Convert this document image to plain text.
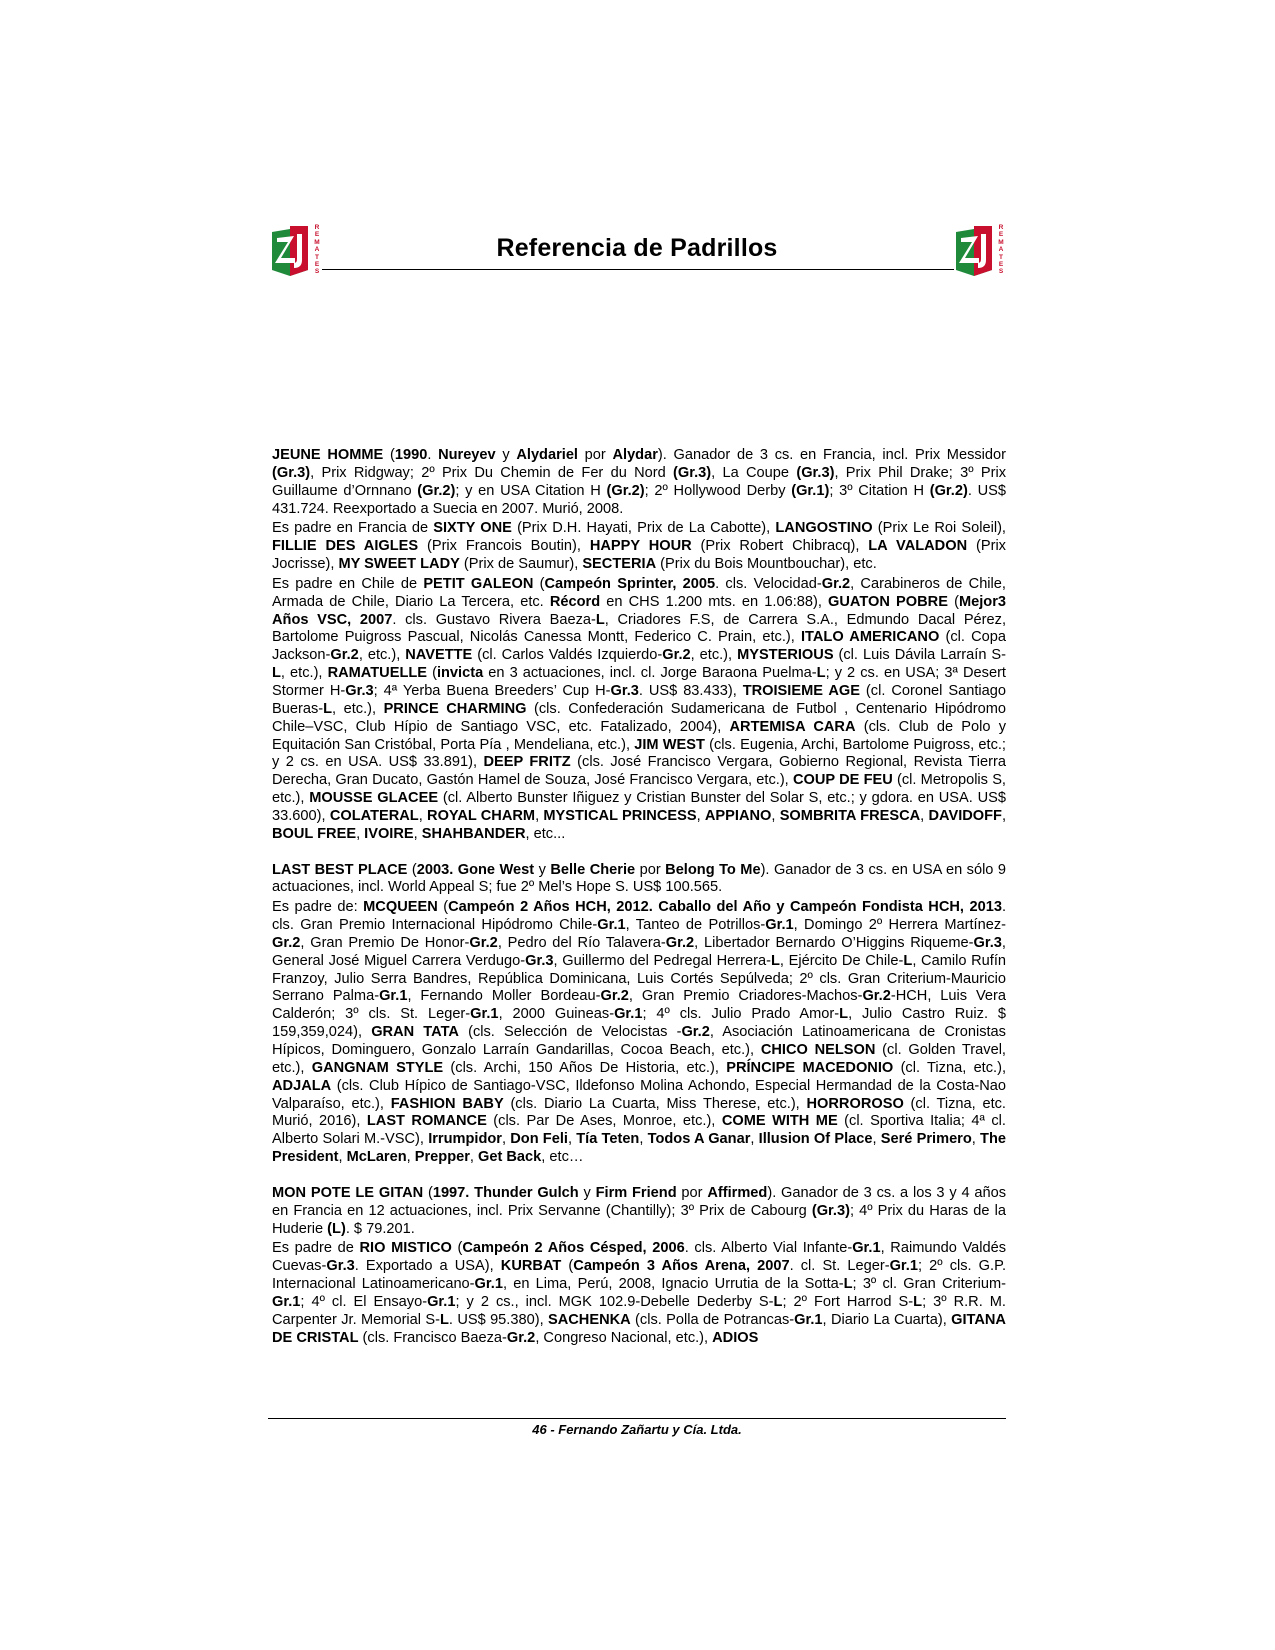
R
E
M
A
T
E
S
Referencia de Padrillos
R
E
M
A
T
E
S

JEUNE HOMME (1990. Nureyev y Alydariel por Alydar). Ganador de 3 cs. en Francia, incl. Prix Messidor (Gr.3), Prix Ridgway; 2º Prix Du Chemin de Fer du Nord (Gr.3), La Coupe (Gr.3), Prix Phil Drake; 3º Prix Guillaume d’Ornnano (Gr.2); y en USA Citation H (Gr.2); 2º Hollywood Derby (Gr.1); 3º Citation H (Gr.2). US$ 431.724. Reexportado a Suecia en 2007. Murió, 2008.

Es padre en Francia de SIXTY ONE (Prix D.H. Hayati, Prix de La Cabotte), LANGOSTINO (Prix Le Roi Soleil), FILLIE DES AIGLES (Prix Francois Boutin), HAPPY HOUR (Prix Robert Chibracq), LA VALADON (Prix Jocrisse), MY SWEET LADY (Prix de Saumur), SECTERIA (Prix du Bois Mountbouchar), etc.

Es padre en Chile de PETIT GALEON (Campeón Sprinter, 2005. cls. Velocidad-Gr.2, Carabineros de Chile, Armada de Chile, Diario La Tercera, etc. Récord en CHS 1.200 mts. en 1.06:88), GUATON POBRE (Mejor3 Años VSC, 2007. cls. Gustavo Rivera Baeza-L, Criadores F.S, de Carrera S.A., Edmundo Dacal Pérez, Bartolome Puigross Pascual, Nicolás Canessa Montt, Federico C. Prain, etc.), ITALO AMERICANO (cl. Copa Jackson-Gr.2, etc.), NAVETTE (cl. Carlos Valdés Izquierdo-Gr.2, etc.), MYSTERIOUS (cl. Luis Dávila Larraín S-L, etc.), RAMATUELLE (invicta en 3 actuaciones, incl. cl. Jorge Baraona Puelma-L; y 2 cs. en USA; 3ª Desert Stormer H-Gr.3; 4ª Yerba Buena Breeders’ Cup H-Gr.3. US$ 83.433), TROISIEME AGE (cl. Coronel Santiago Bueras-L, etc.), PRINCE CHARMING (cls. Confederación Sudamericana de Futbol , Centenario Hipódromo Chile–VSC, Club Hípio de Santiago VSC, etc. Fatalizado, 2004), ARTEMISA CARA (cls. Club de Polo y Equitación San Cristóbal, Porta Pía , Mendeliana, etc.), JIM WEST (cls. Eugenia, Archi, Bartolome Puigross, etc.; y 2 cs. en USA. US$ 33.891), DEEP FRITZ (cls. José Francisco Vergara, Gobierno Regional, Revista Tierra Derecha, Gran Ducato, Gastón Hamel de Souza, José Francisco Vergara, etc.), COUP DE FEU (cl. Metropolis S, etc.), MOUSSE GLACEE (cl. Alberto Bunster Iñiguez y Cristian Bunster del Solar S, etc.; y gdora. en USA. US$ 33.600), COLATERAL, ROYAL CHARM, MYSTICAL PRINCESS, APPIANO, SOMBRITA FRESCA, DAVIDOFF, BOUL FREE, IVOIRE, SHAHBANDER, etc...

LAST BEST PLACE (2003. Gone West y Belle Cherie por Belong To Me). Ganador de 3 cs. en USA en sólo 9 actuaciones, incl. World Appeal S; fue 2º Mel’s Hope S. US$ 100.565.

Es padre de: MCQUEEN (Campeón 2 Años HCH, 2012. Caballo del Año y Campeón Fondista HCH, 2013. cls. Gran Premio Internacional Hipódromo Chile-Gr.1, Tanteo de Potrillos-Gr.1, Domingo 2º Herrera Martínez-Gr.2, Gran Premio De Honor-Gr.2, Pedro del Río Talavera-Gr.2, Libertador Bernardo O’Higgins Riqueme-Gr.3, General José Miguel Carrera Verdugo-Gr.3, Guillermo del Pedregal Herrera-L, Ejército De Chile-L, Camilo Rufín Franzoy, Julio Serra Bandres, República Dominicana, Luis Cortés Sepúlveda; 2º cls. Gran Criterium-Mauricio Serrano Palma-Gr.1, Fernando Moller Bordeau-Gr.2, Gran Premio Criadores-Machos-Gr.2-HCH, Luis Vera Calderón; 3º cls. St. Leger-Gr.1, 2000 Guineas-Gr.1; 4º cls. Julio Prado Amor-L, Julio Castro Ruiz. $ 159,359,024), GRAN TATA (cls. Selección de Velocistas -Gr.2, Asociación Latinoamericana de Cronistas Hípicos, Dominguero, Gonzalo Larraín Gandarillas, Cocoa Beach, etc.), CHICO NELSON (cl. Golden Travel, etc.), GANGNAM STYLE (cls. Archi, 150 Años De Historia, etc.), PRÍNCIPE MACEDONIO (cl. Tizna, etc.), ADJALA (cls. Club Hípico de Santiago-VSC, Ildefonso Molina Achondo, Especial Hermandad de la Costa-Nao Valparaíso, etc.), FASHION BABY (cls. Diario La Cuarta, Miss Therese, etc.), HORROROSO (cl. Tizna, etc. Murió, 2016), LAST ROMANCE (cls. Par De Ases, Monroe, etc.), COME WITH ME (cl. Sportiva Italia; 4ª cl. Alberto Solari M.-VSC), Irrumpidor, Don Feli, Tía Teten, Todos A Ganar, Illusion Of Place, Seré Primero, The President, McLaren, Prepper, Get Back, etc…

MON POTE LE GITAN (1997. Thunder Gulch y Firm Friend por Affirmed). Ganador de 3 cs. a los 3 y 4 años en Francia en 12 actuaciones, incl. Prix Servanne (Chantilly); 3º Prix de Cabourg (Gr.3); 4º Prix du Haras de la Huderie (L). $ 79.201.

Es padre de RIO MISTICO (Campeón 2 Años Césped, 2006. cls. Alberto Vial Infante-Gr.1, Raimundo Valdés Cuevas-Gr.3. Exportado a USA), KURBAT (Campeón 3 Años Arena, 2007. cl. St. Leger-Gr.1; 2º cls. G.P. Internacional Latinoamericano-Gr.1, en Lima, Perú, 2008, Ignacio Urrutia de la Sotta-L; 3º cl. Gran Criterium-Gr.1; 4º cl. El Ensayo-Gr.1; y 2 cs., incl. MGK 102.9-Debelle Dederby S-L; 2º Fort Harrod S-L; 3º R.R. M. Carpenter Jr. Memorial S-L. US$ 95.380), SACHENKA (cls. Polla de Potrancas-Gr.1, Diario La Cuarta), GITANA DE CRISTAL (cls. Francisco Baeza-Gr.2, Congreso Nacional, etc.), ADIOS

46 - Fernando Zañartu y Cía. Ltda.
